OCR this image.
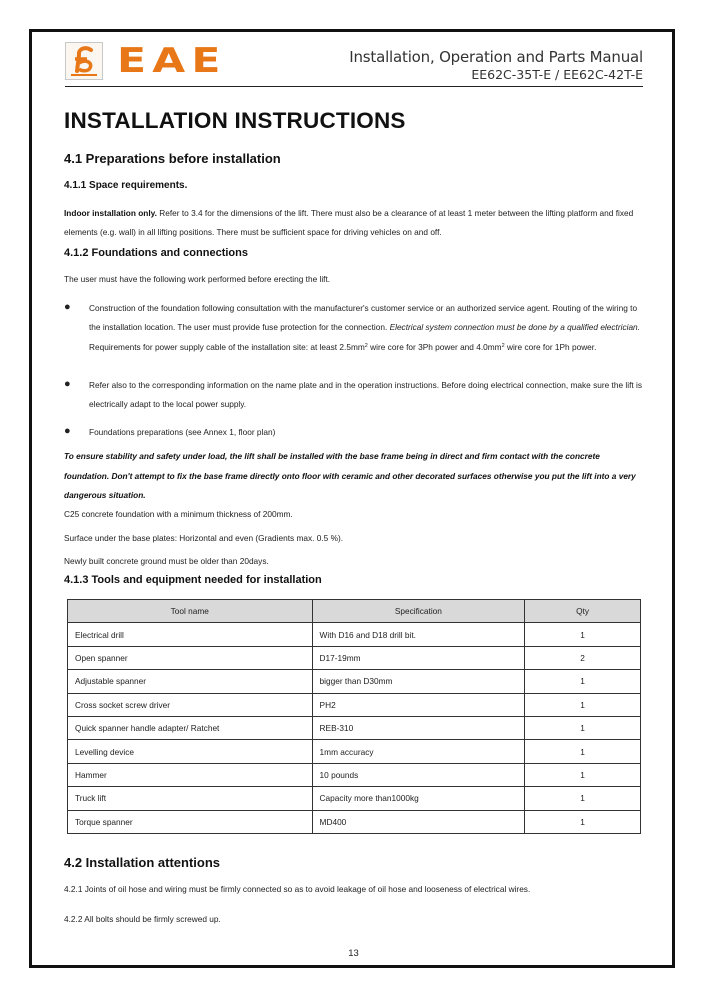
EAE	Installation, Operation and Parts Manual
EE62C-35T-E / EE62C-42T-E
INSTALLATION INSTRUCTIONS
4.1 Preparations before installation
4.1.1 Space requirements.
Indoor installation only. Refer to 3.4 for the dimensions of the lift. There must also be a clearance of at least 1 meter between the lifting platform and fixed elements (e.g. wall) in all lifting positions. There must be sufficient space for driving vehicles on and off.
4.1.2 Foundations and connections
The user must have the following work performed before erecting the lift.
● Construction of the foundation following consultation with the manufacturer's customer service or an authorized service agent. Routing of the wiring to the installation location. The user must provide fuse protection for the connection. Electrical system connection must be done by a qualified electrician. Requirements for power supply cable of the installation site: at least $2.5mm^2$ wire core for 3Ph power and $4.0mm^2$ wire core for 1Ph power.
● Refer also to the corresponding information on the name plate and in the operation instructions. Before doing electrical connection, make sure the lift is electrically adapt to the local power supply.
● Foundations preparations (see Annex 1, floor plan)
To ensure stability and safety under load, the lift shall be installed with the base frame being in direct and firm contact with the concrete foundation. Don't attempt to fix the base frame directly onto floor with ceramic and other decorated surfaces otherwise you put the lift into a very dangerous situation.
C25 concrete foundation with a minimum thickness of 200mm.
Surface under the base plates: Horizontal and even (Gradients max. 0.5 %).
Newly built concrete ground must be older than 20days.
4.1.3 Tools and equipment needed for installation
Tool name	Specification	Qty
Electrical drill	With D16 and D18 drill bit.	1
Open spanner	D17-19mm	2
Adjustable spanner	bigger than D30mm	1
Cross socket screw driver	PH2	1
Quick spanner handle adapter/ Ratchet	REB-310	1
Levelling device	1mm accuracy	1
Hammer	10 pounds	1
Truck lift	Capacity more than1000kg	1
Torque spanner	MD400	1
4.2 Installation attentions
4.2.1 Joints of oil hose and wiring must be firmly connected so as to avoid leakage of oil hose and looseness of electrical wires.
4.2.2 All bolts should be firmly screwed up.
13
